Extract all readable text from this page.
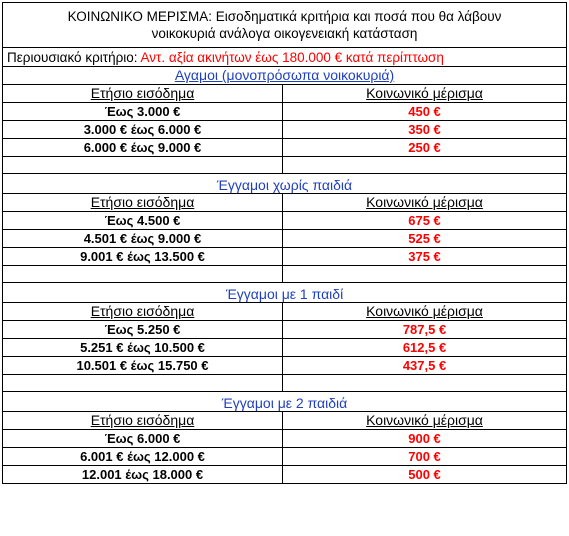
ΚΟΙΝΩΝΙΚΟ ΜΕΡΙΣΜΑ: Εισοδηματικά κριτήρια και ποσά που θα λάβουν
νοικοκυριά ανάλογα οικογενειακή κατάσταση	

Περιουσιακό κριτήριο: Αντ. αξία ακινήτων έως 180.000 € κατά περίπτωση	
Αγαμοι (μονοπρόσωπα νοικοκυριά)	
Ετήσιο εισόδημα	Κοινωνικό μέρισμα
Έως 3.000 €	450 €
3.000 € έως 6.000 €	350 €
6.000 € έως 9.000 €	250 €

Έγγαμοι χωρίς παιδιά	
Ετήσιο εισόδημα	Κοινωνικό μέρισμα
Έως 4.500 €	675 €
4.501 € έως 9.000 €	525 €
9.001 € έως 13.500 €	375 €

Έγγαμοι με 1 παιδί	
Ετήσιο εισόδημα	Κοινωνικό μέρισμα
Έως 5.250 €	787,5 €
5.251 € έως 10.500 €	612,5 €
10.501 € έως 15.750 €	437,5 €

Έγγαμοι με 2 παιδιά	
Ετήσιο εισόδημα	Κοινωνικό μέρισμα
Έως 6.000 €	900 €
6.001 € έως 12.000 €	700 €
12.001 έως 18.000 €	500 €
